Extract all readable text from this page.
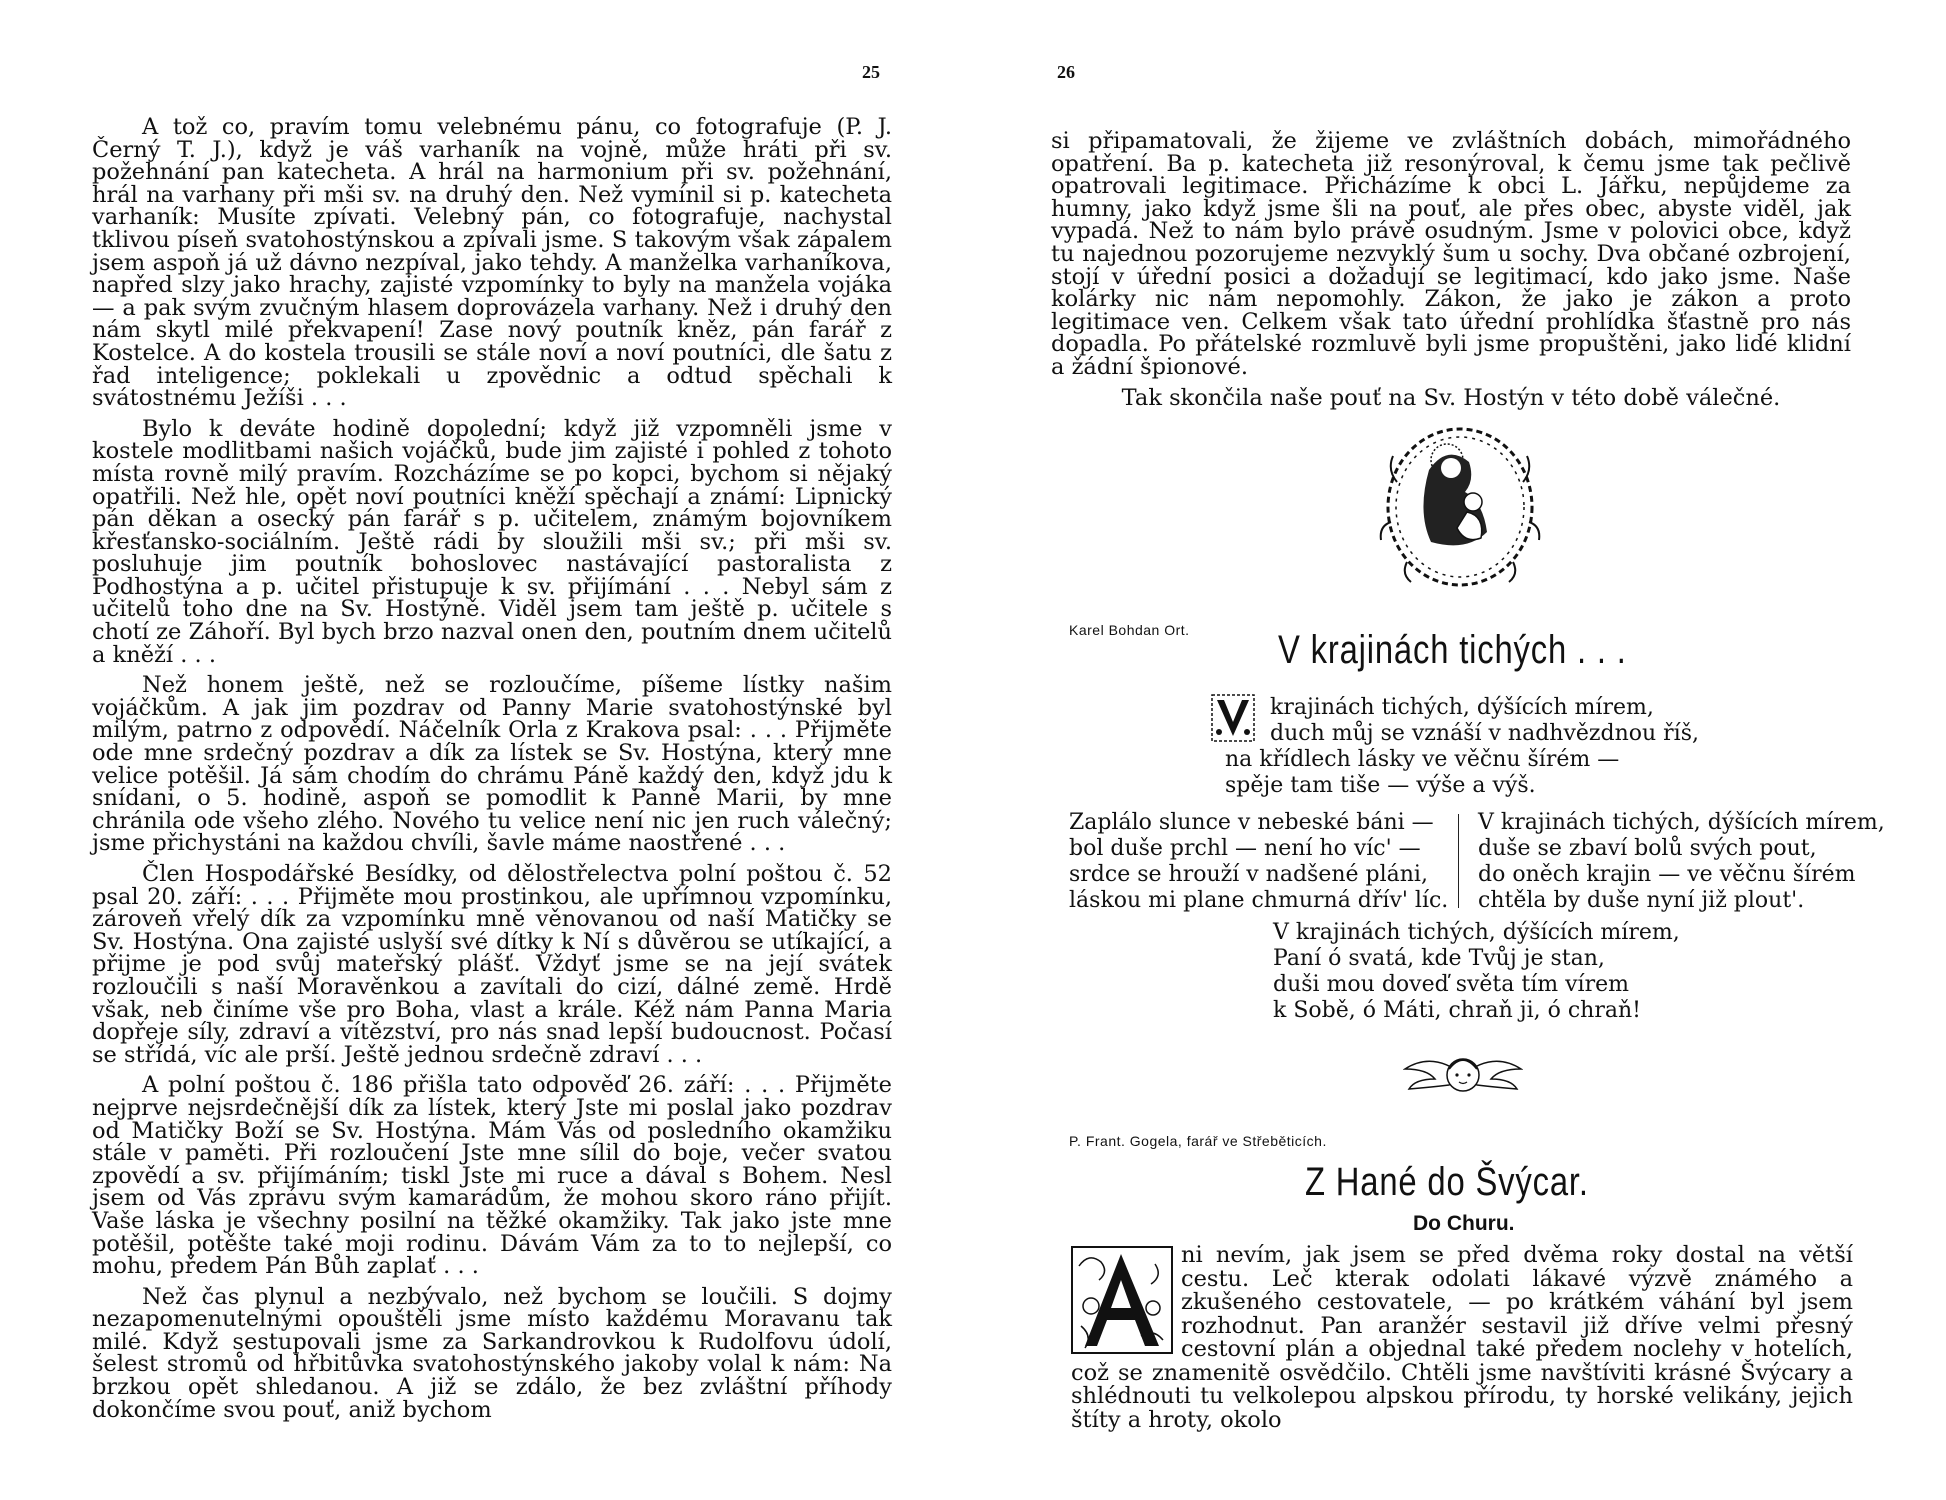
25

A tož co, pravím tomu velebnému pánu, co fotografuje (P. J. Černý T. J.), když je váš varhaník na vojně, může hráti při sv. požehnání pan katecheta. A hrál na harmonium při sv. požehnání, hrál na varhany při mši sv. na druhý den. Než vymínil si p. katecheta varhaník: Musíte zpívati. Velebný pán, co fotografuje, nachystal tklivou píseň svatohostýnskou a zpívali jsme. S takovým však zápalem jsem aspoň já už dávno nezpíval, jako tehdy. A manželka varhaníkova, napřed slzy jako hrachy, zajisté vzpomínky to byly na manžela vojáka — a pak svým zvučným hlasem doprovázela varhany. Než i druhý den nám skytl milé překvapení! Zase nový poutník kněz, pán farář z Kostelce. A do kostela trousili se stále noví a noví poutníci, dle šatu z řad inteligence; poklekali u zpovědnic a odtud spěchali k svátostnému Ježíši . . .

Bylo k deváte hodině dopolední; když již vzpomněli jsme v kostele modlitbami našich vojáčků, bude jim zajisté i pohled z tohoto místa rovně milý pravím. Rozcházíme se po kopci, bychom si nějaký opatřili. Než hle, opět noví poutníci kněží spěchají a známí: Lipnický pán děkan a osecký pán farář s p. učitelem, známým bojovníkem křesťansko-sociálním. Ještě rádi by sloužili mši sv.; při mši sv. posluhuje jim poutník bohoslovec nastávající pastoralista z Podhostýna a p. učitel přistupuje k sv. přijímání . . . Nebyl sám z učitelů toho dne na Sv. Hostýně. Viděl jsem tam ještě p. učitele s chotí ze Záhoří. Byl bych brzo nazval onen den, poutním dnem učitelů a kněží . . .

Než honem ještě, než se rozloučíme, píšeme lístky našim vojáčkům. A jak jim pozdrav od Panny Marie svatohostýnské byl milým, patrno z odpovědí. Náčelník Orla z Krakova psal: . . . Přijměte ode mne srdečný pozdrav a dík za lístek se Sv. Hostýna, který mne velice potěšil. Já sám chodím do chrámu Páně každý den, když jdu k snídani, o 5. hodině, aspoň se pomodlit k Panně Marii, by mne chránila ode všeho zlého. Nového tu velice není nic jen ruch válečný; jsme přichystáni na každou chvíli, šavle máme naostřené . . .

Člen Hospodářské Besídky, od dělostřelectva polní poštou č. 52 psal 20. září: . . . Přijměte mou prostinkou, ale upřímnou vzpomínku, zároveň vřelý dík za vzpomínku mně věnovanou od naší Matičky se Sv. Hostýna. Ona zajisté uslyší své dítky k Ní s důvěrou se utíkající, a přijme je pod svůj mateřský plášť. Vždyť jsme se na její svátek rozloučili s naší Moravěnkou a zavítali do cizí, dálné země. Hrdě však, neb činíme vše pro Boha, vlast a krále. Kéž nám Panna Maria dopřeje síly, zdraví a vítězství, pro nás snad lepší budoucnost. Počasí se střídá, víc ale prší. Ještě jednou srdečně zdraví . . .

A polní poštou č. 186 přišla tato odpověď 26. září: . . . Přijměte nejprve nejsrdečnější dík za lístek, který Jste mi poslal jako pozdrav od Matičky Boží se Sv. Hostýna. Mám Vás od posledního okamžiku stále v paměti. Při rozloučení Jste mne sílil do boje, večer svatou zpovědí a sv. přijímáním; tiskl Jste mi ruce a dával s Bohem. Nesl jsem od Vás zprávu svým kamarádům, že mohou skoro ráno přijít. Vaše láska je všechny posilní na těžké okamžiky. Tak jako jste mne potěšil, potěšte také moji rodinu. Dávám Vám za to to nejlepší, co mohu, předem Pán Bůh zaplať . . .

Než čas plynul a nezbývalo, než bychom se loučili. S dojmy nezapomenutelnými opouštěli jsme místo každému Moravanu tak milé. Když sestupovali jsme za Sarkandrovkou k Rudolfovu údolí, šelest stromů od hřbitůvka svatohostýnského jakoby volal k nám: Na brzkou opět shledanou. A již se zdálo, že bez zvláštní příhody dokončíme svou pouť, aniž bychom

26

si připamatovali, že žijeme ve zvláštních dobách, mimořádného opatření. Ba p. katecheta již resonýroval, k čemu jsme tak pečlivě opatrovali legitimace. Přicházíme k obci L. Jářku, nepůjdeme za humny, jako když jsme šli na pouť, ale přes obec, abyste viděl, jak vypadá. Než to nám bylo právě osudným. Jsme v polovici obce, když tu najednou pozorujeme nezvyklý šum u sochy. Dva občané ozbrojení, stojí v úřední posici a dožadují se legitimací, kdo jako jsme. Naše kolárky nic nám nepomohly. Zákon, že jako je zákon a proto legitimace ven. Celkem však tato úřední prohlídka šťastně pro nás dopadla. Po přátelské rozmluvě byli jsme propuštěni, jako lidé klidní a žádní špionové.

Tak skončila naše pouť na Sv. Hostýn v této době válečné.

Karel Bohdan Ort. V krajinách tichých . . .
krajinách tichých, dýšících mírem,
duch můj se vznáší v nadhvězdnou říš,
na křídlech lásky ve věčnu šírém —
spěje tam tiše — výše a výš.
Zaplálo slunce v nebeské báni —
bol duše prchl — není ho víc' —
srdce se hrouží v nadšené pláni,
láskou mi plane chmurná dřív' líc.
V krajinách tichých, dýšících mírem,
duše se zbaví bolů svých pout,
do oněch krajin — ve věčnu šírém
chtěla by duše nyní již plout'.
V krajinách tichých, dýšících mírem,
Paní ó svatá, kde Tvůj je stan,
duši mou doveď světa tím vírem
k Sobě, ó Máti, chraň ji, ó chraň!
P. Frant. Gogela, farář ve Střeběticích.
Z Hané do Švýcar.
Do Churu.

ni nevím, jak jsem se před dvěma roky dostal na větší cestu. Leč kterak odolati lákavé výzvě známého a zkušeného cestovatele, — po krátkém váhání byl jsem rozhodnut. Pan aranžér sestavil již dříve velmi přesný cestovní plán a objednal také předem noclehy v hotelích, což se znamenitě osvědčilo. Chtěli jsme navštíviti krásné Švýcary a shlédnouti tu velkolepou alpskou přírodu, ty horské velikány, jejich štíty a hroty, okolo
